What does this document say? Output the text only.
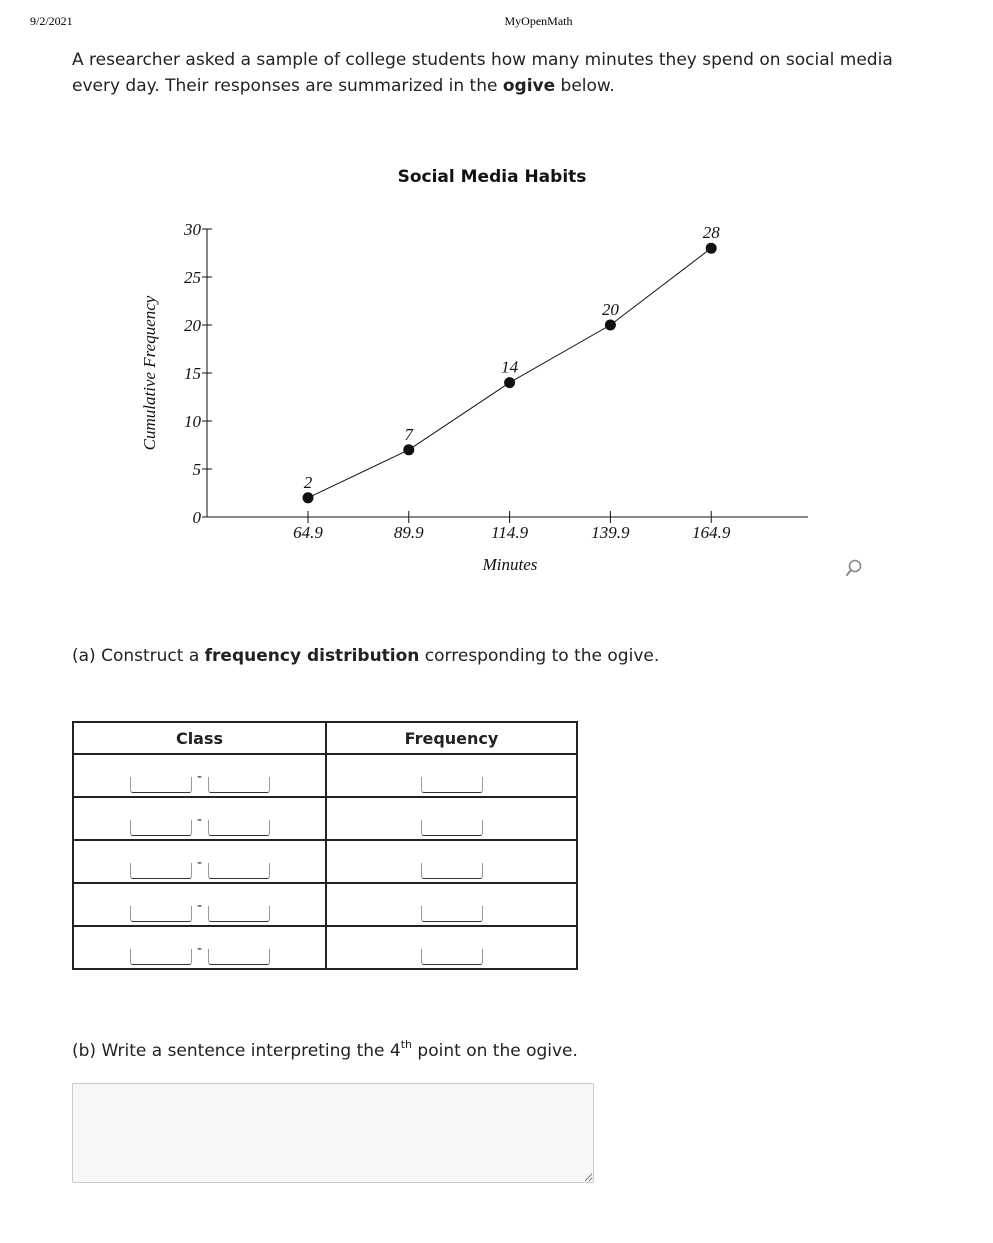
9/2/2021	MyOpenMath
A researcher asked a sample of college students how many minutes they spend on social media every day. Their responses are summarized in the ogive below.
Social Media Habits
0
5
10
15
20
25
30
64.9	89.9	114.9	139.9	164.9
2
7
14
20
28
Cumulative Frequency
Minutes
(a) Construct a frequency distribution corresponding to the ogive.
Class	Frequency
-	
-	
-	
-	
-	
(b) Write a sentence interpreting the 4th point on the ogive.
